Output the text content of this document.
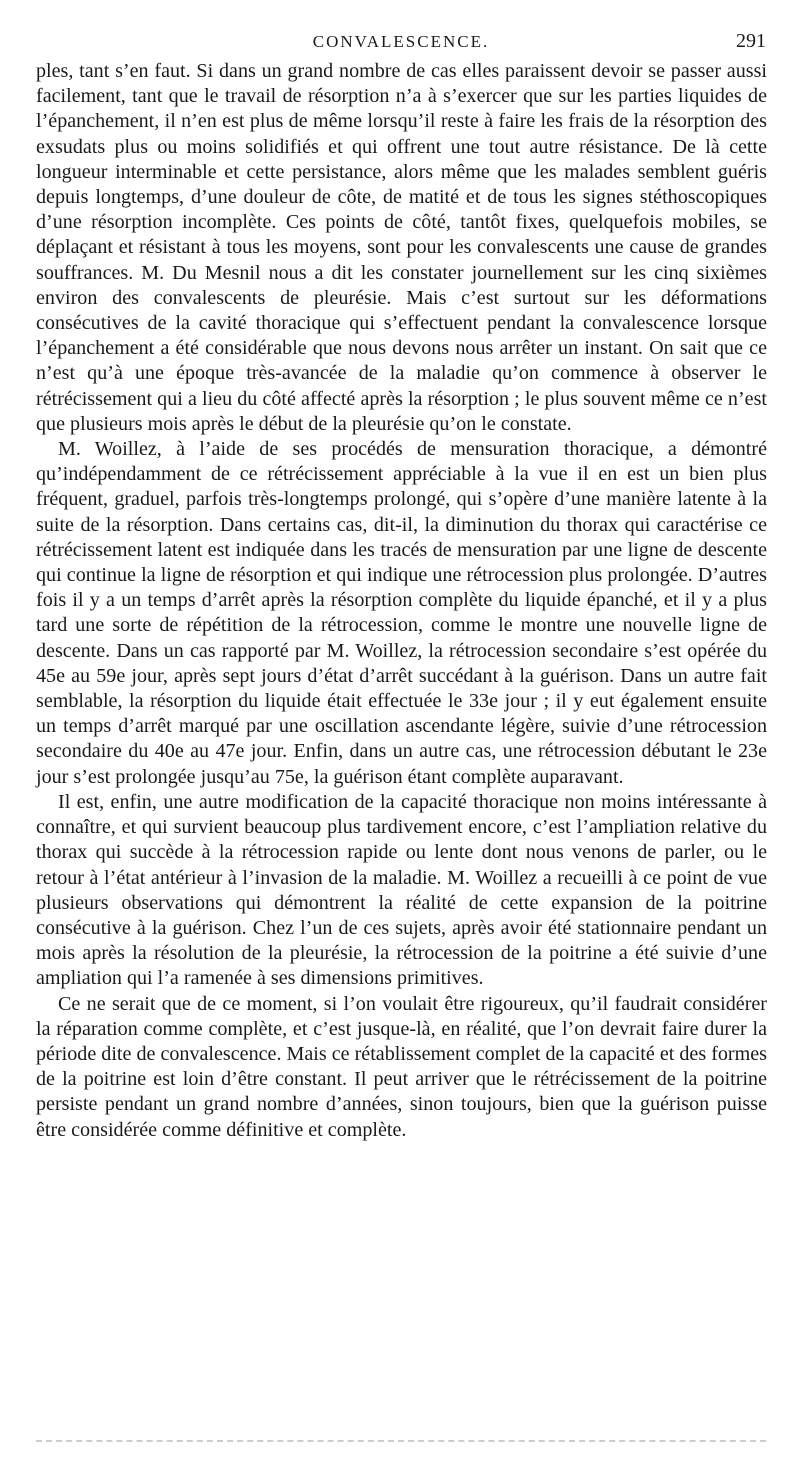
CONVALESCENCE.	291

ples, tant s’en faut. Si dans un grand nombre de cas elles paraissent devoir se passer aussi facilement, tant que le travail de résorption n’a à s’exercer que sur les parties liquides de l’épanchement, il n’en est plus de même lorsqu’il reste à faire les frais de la résorption des exsudats plus ou moins solidifiés et qui offrent une tout autre résistance. De là cette longueur interminable et cette persistance, alors même que les malades semblent guéris depuis longtemps, d’une douleur de côte, de matité et de tous les signes stéthoscopiques d’une résorption incomplète. Ces points de côté, tantôt fixes, quelquefois mobiles, se déplaçant et résistant à tous les moyens, sont pour les convalescents une cause de grandes souffrances. M. Du Mesnil nous a dit les constater journellement sur les cinq sixièmes environ des convalescents de pleurésie. Mais c’est surtout sur les déformations consécutives de la cavité thoracique qui s’effectuent pendant la convalescence lorsque l’épanchement a été considérable que nous devons nous arrêter un instant. On sait que ce n’est qu’à une époque très-avancée de la maladie qu’on commence à observer le rétrécissement qui a lieu du côté affecté après la résorption ; le plus souvent même ce n’est que plusieurs mois après le début de la pleurésie qu’on le constate.

M. Woillez, à l’aide de ses procédés de mensuration thoracique, a démontré qu’indépendamment de ce rétrécissement appréciable à la vue il en est un bien plus fréquent, graduel, parfois très-longtemps prolongé, qui s’opère d’une manière latente à la suite de la résorption. Dans certains cas, dit-il, la diminution du thorax qui caractérise ce rétrécissement latent est indiquée dans les tracés de mensuration par une ligne de descente qui continue la ligne de résorption et qui indique une rétrocession plus prolongée. D’autres fois il y a un temps d’arrêt après la résorption complète du liquide épanché, et il y a plus tard une sorte de répétition de la rétrocession, comme le montre une nouvelle ligne de descente. Dans un cas rapporté par M. Woillez, la rétrocession secondaire s’est opérée du 45e au 59e jour, après sept jours d’état d’arrêt succédant à la guérison. Dans un autre fait semblable, la résorption du liquide était effectuée le 33e jour ; il y eut également ensuite un temps d’arrêt marqué par une oscillation ascendante légère, suivie d’une rétrocession secondaire du 40e au 47e jour. Enfin, dans un autre cas, une rétrocession débutant le 23e jour s’est prolongée jusqu’au 75e, la guérison étant complète auparavant.

Il est, enfin, une autre modification de la capacité thoracique non moins intéressante à connaître, et qui survient beaucoup plus tardivement encore, c’est l’ampliation relative du thorax qui succède à la rétrocession rapide ou lente dont nous venons de parler, ou le retour à l’état antérieur à l’invasion de la maladie. M. Woillez a recueilli à ce point de vue plusieurs observations qui démontrent la réalité de cette expansion de la poitrine consécutive à la guérison. Chez l’un de ces sujets, après avoir été stationnaire pendant un mois après la résolution de la pleurésie, la rétrocession de la poitrine a été suivie d’une ampliation qui l’a ramenée à ses dimensions primitives.

Ce ne serait que de ce moment, si l’on voulait être rigoureux, qu’il faudrait considérer la réparation comme complète, et c’est jusque-là, en réalité, que l’on devrait faire durer la période dite de convalescence. Mais ce rétablissement complet de la capacité et des formes de la poitrine est loin d’être constant. Il peut arriver que le rétrécissement de la poitrine persiste pendant un grand nombre d’années, sinon toujours, bien que la guérison puisse être considérée comme définitive et complète.
